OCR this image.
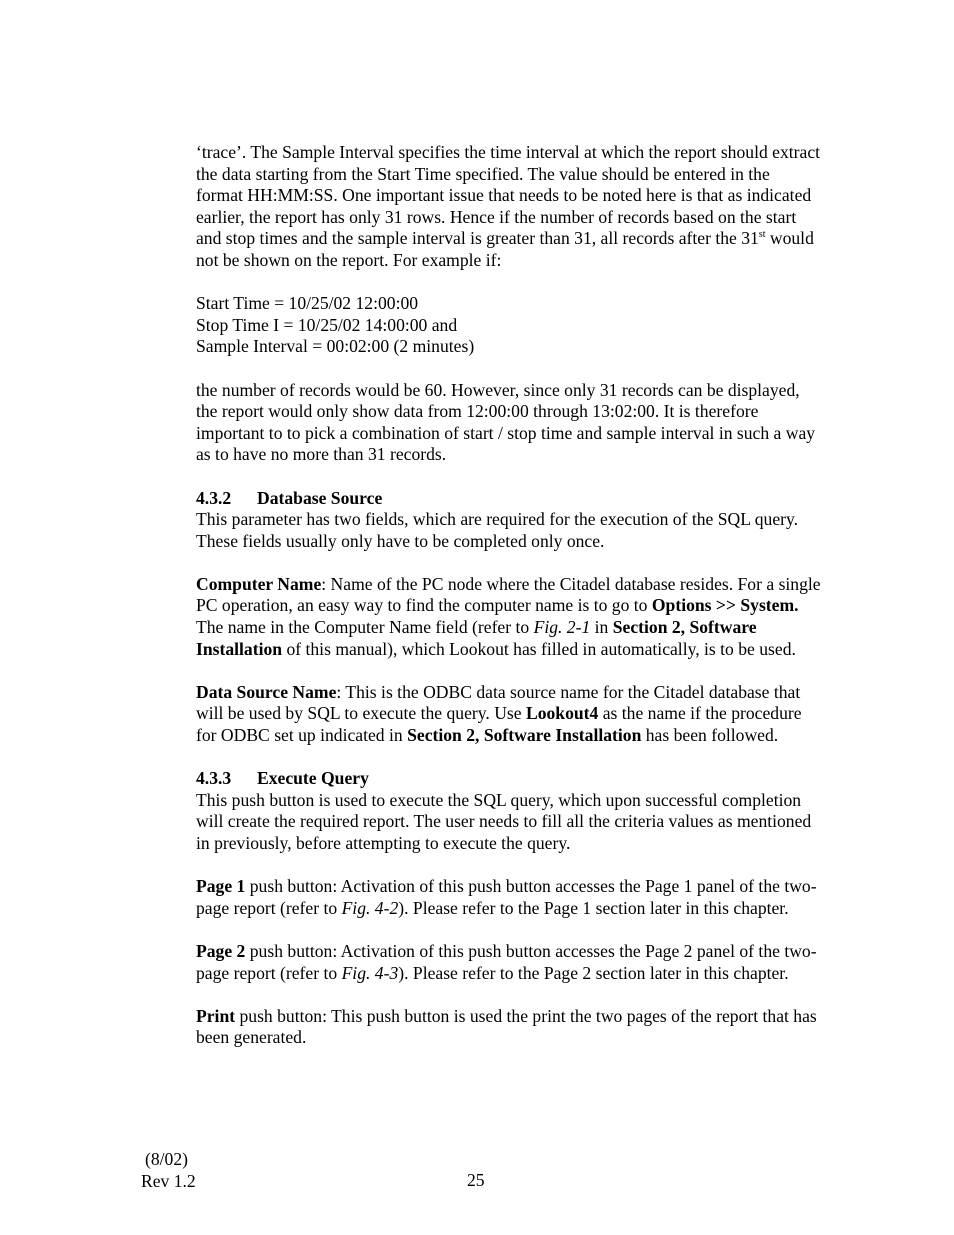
‘trace’. The Sample Interval specifies the time interval at which the report should extract the data starting from the Start Time specified. The value should be entered in the format HH:MM:SS. One important issue that needs to be noted here is that as indicated earlier, the report has only 31 rows. Hence if the number of records based on the start and stop times and the sample interval is greater than 31, all records after the 31st would not be shown on the report. For example if:

Start Time = 10/25/02 12:00:00
Stop Time I = 10/25/02 14:00:00 and
Sample Interval = 00:02:00 (2 minutes)

the number of records would be 60. However, since only 31 records can be displayed, the report would only show data from 12:00:00 through 13:02:00. It is therefore important to to pick a combination of start / stop time and sample interval in such a way as to have no more than 31 records.

4.3.2 Database Source
This parameter has two fields, which are required for the execution of the SQL query. These fields usually only have to be completed only once.

Computer Name: Name of the PC node where the Citadel database resides. For a single PC operation, an easy way to find the computer name is to go to Options >> System. The name in the Computer Name field (refer to Fig. 2-1 in Section 2, Software Installation of this manual), which Lookout has filled in automatically, is to be used.

Data Source Name: This is the ODBC data source name for the Citadel database that will be used by SQL to execute the query. Use Lookout4 as the name if the procedure for ODBC set up indicated in Section 2, Software Installation has been followed.

4.3.3 Execute Query
This push button is used to execute the SQL query, which upon successful completion will create the required report. The user needs to fill all the criteria values as mentioned in previously, before attempting to execute the query.

Page 1 push button: Activation of this push button accesses the Page 1 panel of the two-page report (refer to Fig. 4-2). Please refer to the Page 1 section later in this chapter.

Page 2 push button: Activation of this push button accesses the Page 2 panel of the two-page report (refer to Fig. 4-3). Please refer to the Page 2 section later in this chapter.

Print push button: This push button is used the print the two pages of the report that has been generated.

(8/02)
Rev 1.2	25
